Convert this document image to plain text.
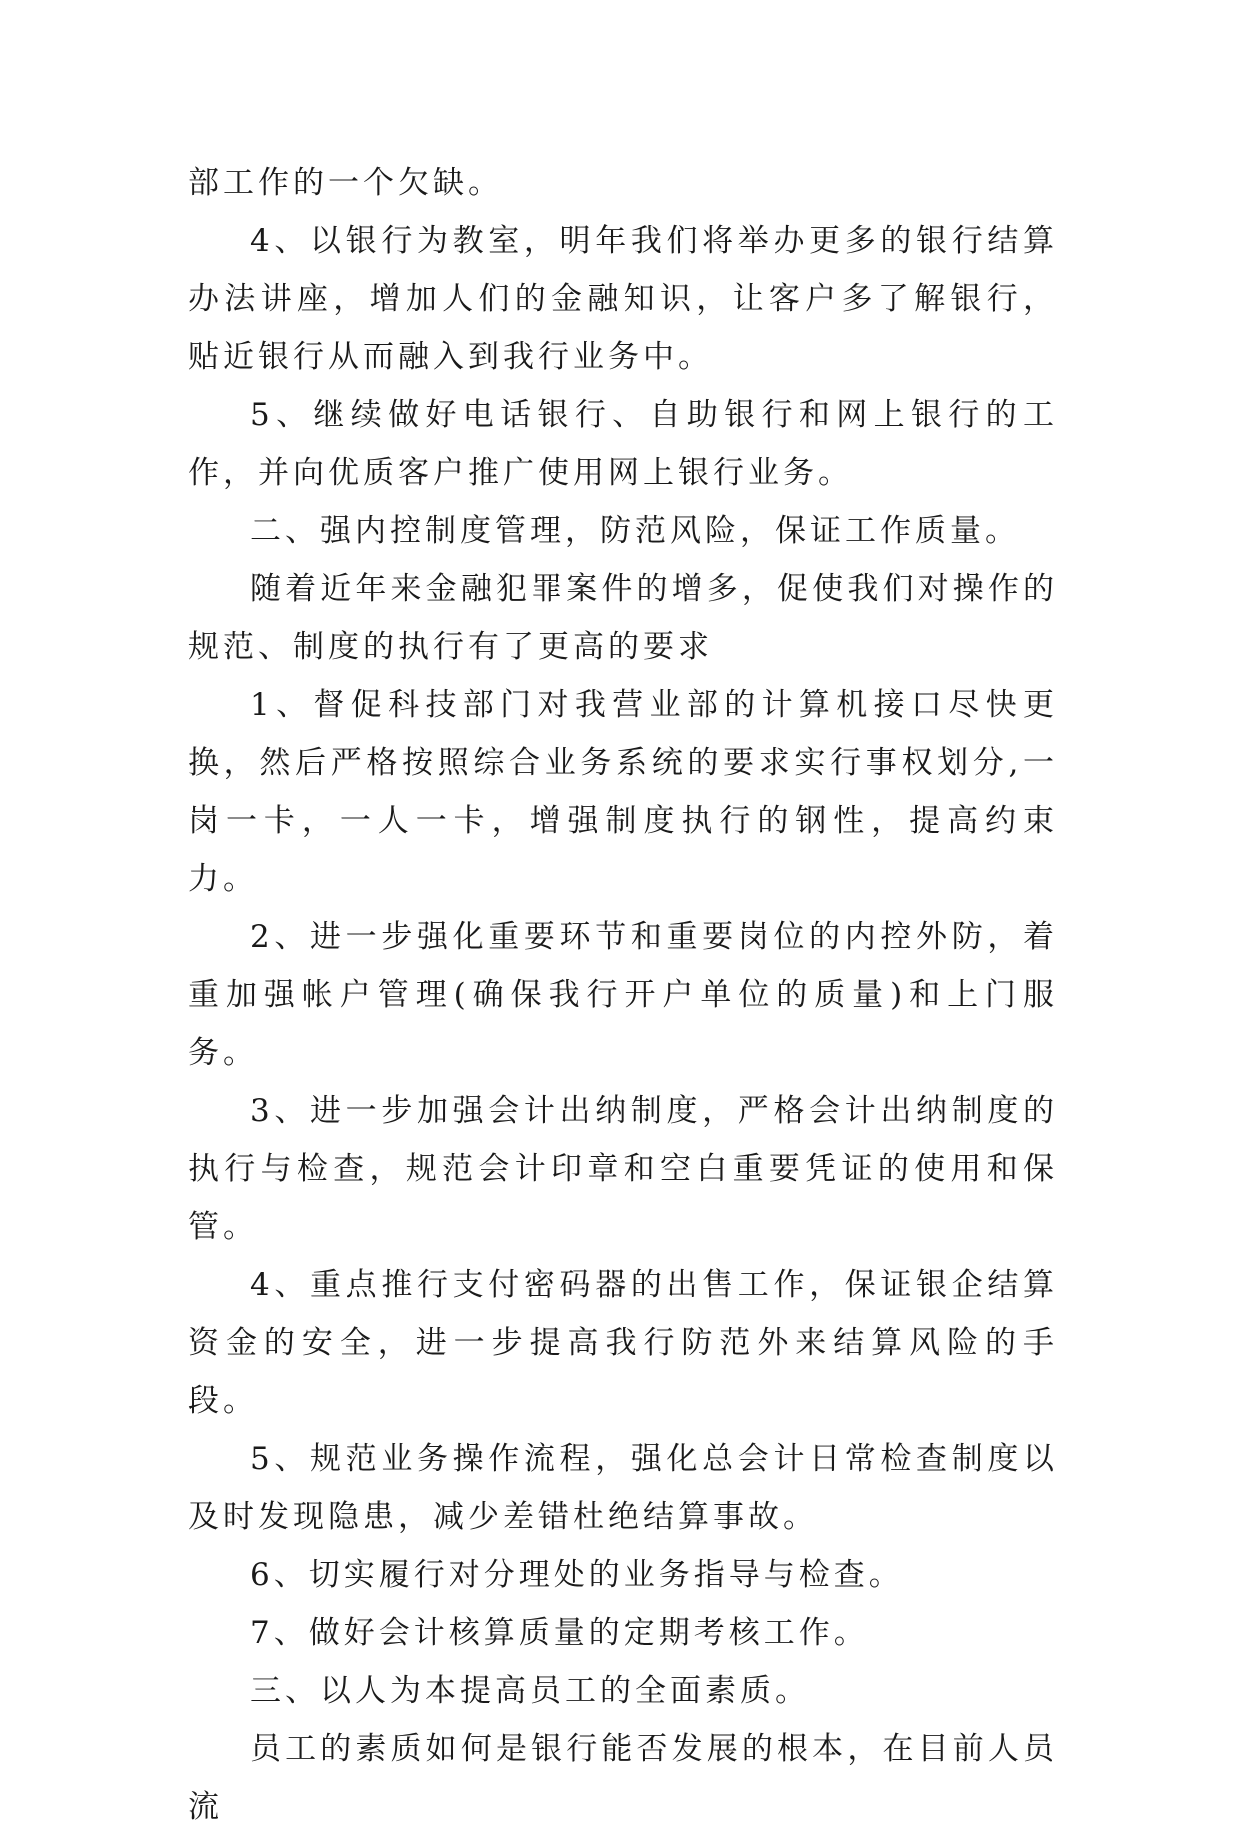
部工作的一个欠缺。

4、以银行为教室，明年我们将举办更多的银行结算办法讲座，增加人们的金融知识，让客户多了解银行，贴近银行从而融入到我行业务中。

5、继续做好电话银行、自助银行和网上银行的工作，并向优质客户推广使用网上银行业务。

二、强内控制度管理，防范风险，保证工作质量。

随着近年来金融犯罪案件的增多，促使我们对操作的规范、制度的执行有了更高的要求

1、督促科技部门对我营业部的计算机接口尽快更换，然后严格按照综合业务系统的要求实行事权划分,一岗一卡，一人一卡，增强制度执行的钢性，提高约束力。

2、进一步强化重要环节和重要岗位的内控外防，着重加强帐户管理(确保我行开户单位的质量)和上门服务。

3、进一步加强会计出纳制度，严格会计出纳制度的执行与检查，规范会计印章和空白重要凭证的使用和保管。

4、重点推行支付密码器的出售工作，保证银企结算资金的安全，进一步提高我行防范外来结算风险的手段。

5、规范业务操作流程，强化总会计日常检查制度以及时发现隐患，减少差错杜绝结算事故。

6、切实履行对分理处的业务指导与检查。

7、做好会计核算质量的定期考核工作。

三、以人为本提高员工的全面素质。

员工的素质如何是银行能否发展的根本，在目前人员流
